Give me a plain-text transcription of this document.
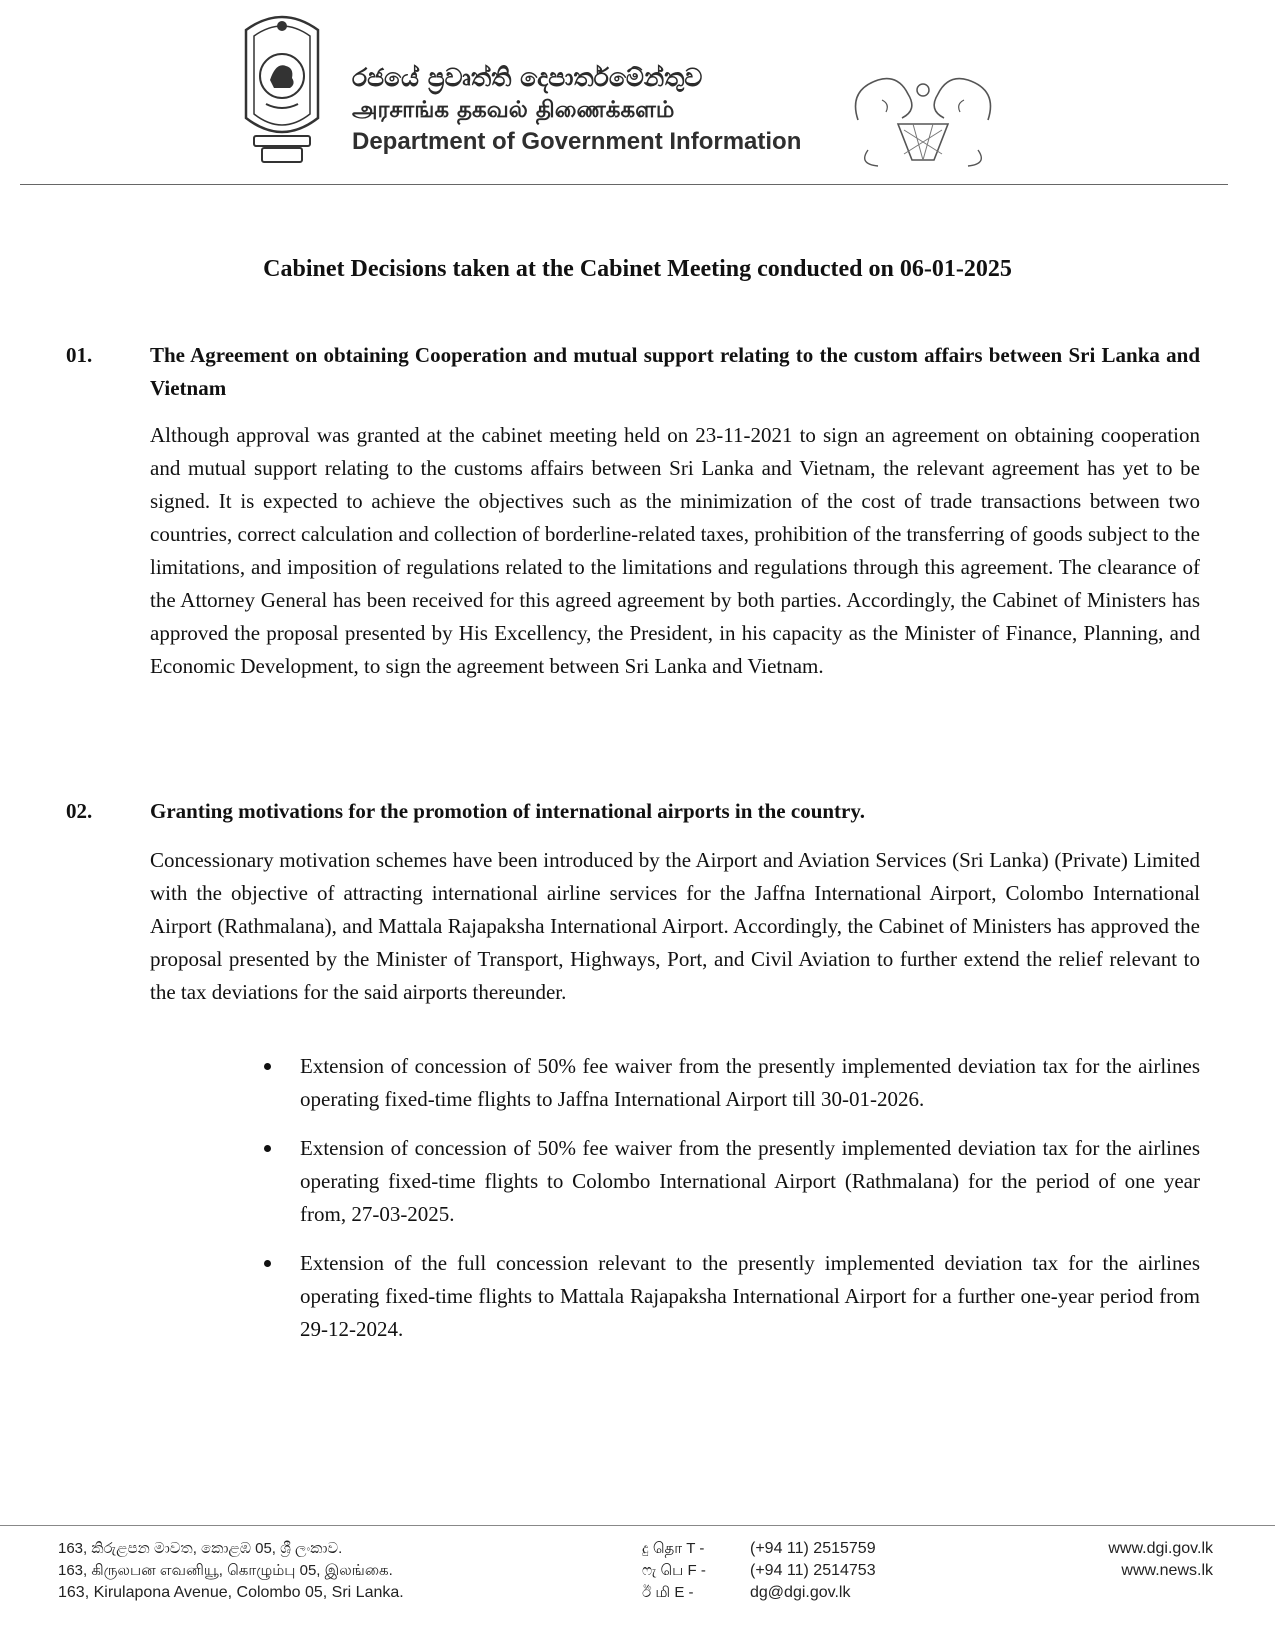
රජයේ ප්‍රවෘත්ති දෙපාර්තමේන්තුව
அரசாங்க தகவல் திணைக்களம்
Department of Government Information
Cabinet Decisions taken at the Cabinet Meeting conducted on 06-01-2025
01.	The Agreement on obtaining Cooperation and mutual support relating to the custom affairs between Sri Lanka and Vietnam
Although approval was granted at the cabinet meeting held on 23-11-2021 to sign an agreement on obtaining cooperation and mutual support relating to the customs affairs between Sri Lanka and Vietnam, the relevant agreement has yet to be signed. It is expected to achieve the objectives such as the minimization of the cost of trade transactions between two countries, correct calculation and collection of borderline-related taxes, prohibition of the transferring of goods subject to the limitations, and imposition of regulations related to the limitations and regulations through this agreement. The clearance of the Attorney General has been received for this agreed agreement by both parties. Accordingly, the Cabinet of Ministers has approved the proposal presented by His Excellency, the President, in his capacity as the Minister of Finance, Planning, and Economic Development, to sign the agreement between Sri Lanka and Vietnam.
02.	Granting motivations for the promotion of international airports in the country.
Concessionary motivation schemes have been introduced by the Airport and Aviation Services (Sri Lanka) (Private) Limited with the objective of attracting international airline services for the Jaffna International Airport, Colombo International Airport (Rathmalana), and Mattala Rajapaksha International Airport. Accordingly, the Cabinet of Ministers has approved the proposal presented by the Minister of Transport, Highways, Port, and Civil Aviation to further extend the relief relevant to the tax deviations for the said airports thereunder.
Extension of concession of 50% fee waiver from the presently implemented deviation tax for the airlines operating fixed-time flights to Jaffna International Airport till 30-01-2026.
Extension of concession of 50% fee waiver from the presently implemented deviation tax for the airlines operating fixed-time flights to Colombo International Airport (Rathmalana) for the period of one year from, 27-03-2025.
Extension of the full concession relevant to the presently implemented deviation tax for the airlines operating fixed-time flights to Mattala Rajapaksha International Airport for a further one-year period from 29-12-2024.
163, කිරුළපන මාවත, කොළඹ 05, ශ්‍රී ලංකාව.
163, கிருலபன எவனியூ, கொழும்பு 05, இலங்கை.
163, Kirulapona Avenue, Colombo 05, Sri Lanka.
දු தொ T -	(+94 11) 2515759
ෆැ பெ F -	(+94 11) 2514753
ඊ மி E -	dg@dgi.gov.lk
www.dgi.gov.lk
www.news.lk
